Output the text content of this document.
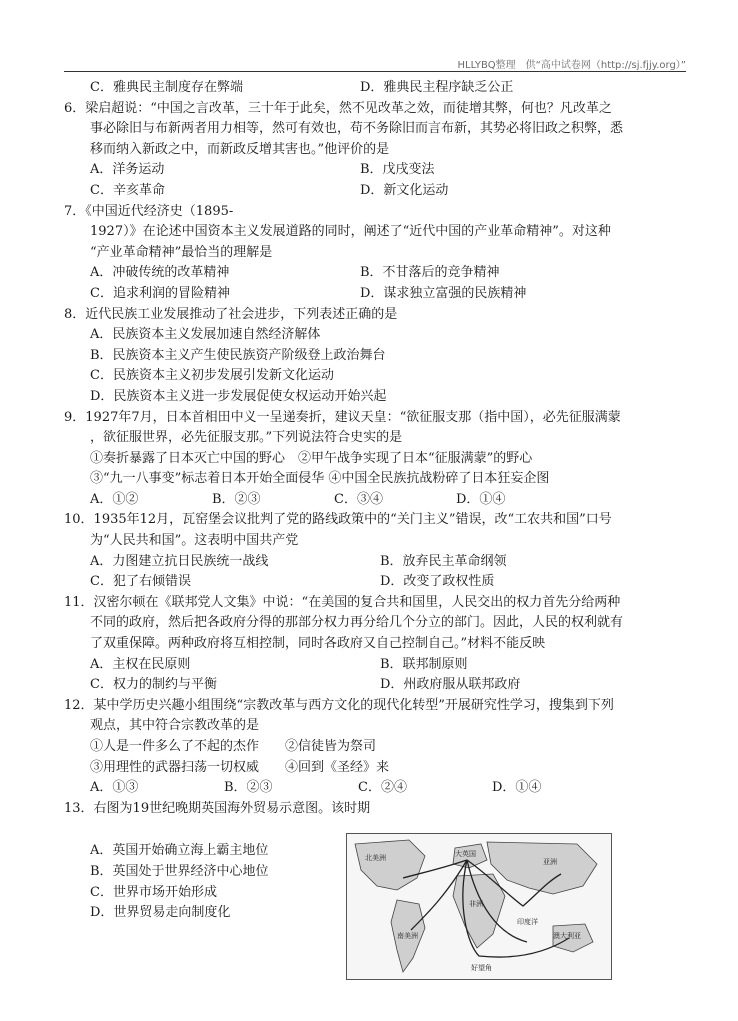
HLLYBQ整理　供“高中试卷网（http://sj.fjjy.org）”
C．雅典民主制度存在弊端	D．雅典民主程序缺乏公正
6．梁启超说：“中国之言改革，三十年于此矣，然不见改革之效，而徒增其弊，何也？凡改革之
事必除旧与布新两者用力相等，然可有效也，苟不务除旧而言布新，其势必将旧政之积弊，悉
移而纳入新政之中，而新政反增其害也。”他评价的是
A．洋务运动	B．戊戌变法
C．辛亥革命	D．新文化运动
7．《中国近代经济史（1895-
1927）》在论述中国资本主义发展道路的同时，阐述了“近代中国的产业革命精神”。对这种
“产业革命精神”最恰当的理解是
A．冲破传统的改革精神	B．不甘落后的竞争精神
C．追求利润的冒险精神	D．谋求独立富强的民族精神
8．近代民族工业发展推动了社会进步，下列表述正确的是
A．民族资本主义发展加速自然经济解体
B．民族资本主义产生使民族资产阶级登上政治舞台
C．民族资本主义初步发展引发新文化运动
D．民族资本主义进一步发展促使女权运动开始兴起
9．1927年7月，日本首相田中义一呈递奏折，建议天皇：“欲征服支那（指中国），必先征服满蒙
，欲征服世界，必先征服支那。”下列说法符合史实的是
①奏折暴露了日本灭亡中国的野心　②甲午战争实现了日本“征服满蒙”的野心
③“九一八事变”标志着日本开始全面侵华 ④中国全民族抗战粉碎了日本狂妄企图
A．①②	B．②③	C．③④	D．①④
10．1935年12月，瓦窑堡会议批判了党的路线政策中的“关门主义”错误，改“工农共和国”口号
为“人民共和国”。这表明中国共产党
A．力图建立抗日民族统一战线	B．放弃民主革命纲领
C．犯了右倾错误	D．改变了政权性质
11．汉密尔顿在《联邦党人文集》中说：“在美国的复合共和国里，人民交出的权力首先分给两种
不同的政府，然后把各政府分得的那部分权力再分给几个分立的部门。因此，人民的权利就有
了双重保障。两种政府将互相控制，同时各政府又自己控制自己。”材料不能反映
A．主权在民原则	B．联邦制原则
C．权力的制约与平衡	D．州政府服从联邦政府
12．某中学历史兴趣小组围绕“宗教改革与西方文化的现代化转型”开展研究性学习，搜集到下列
观点，其中符合宗教改革的是
①人是一件多么了不起的杰作　　②信徒皆为祭司
③用理性的武器扫荡一切权威　　④回到《圣经》来
A．①③	B．②③	C．②④	D．①④
13．右图为19世纪晚期英国海外贸易示意图。该时期
A．英国开始确立海上霸主地位
B．英国处于世界经济中心地位
C．世界市场开始形成
D．世界贸易走向制度化
北美洲	大英国
亚洲
非洲
南美洲	澳大利亚
印度洋
好望角
